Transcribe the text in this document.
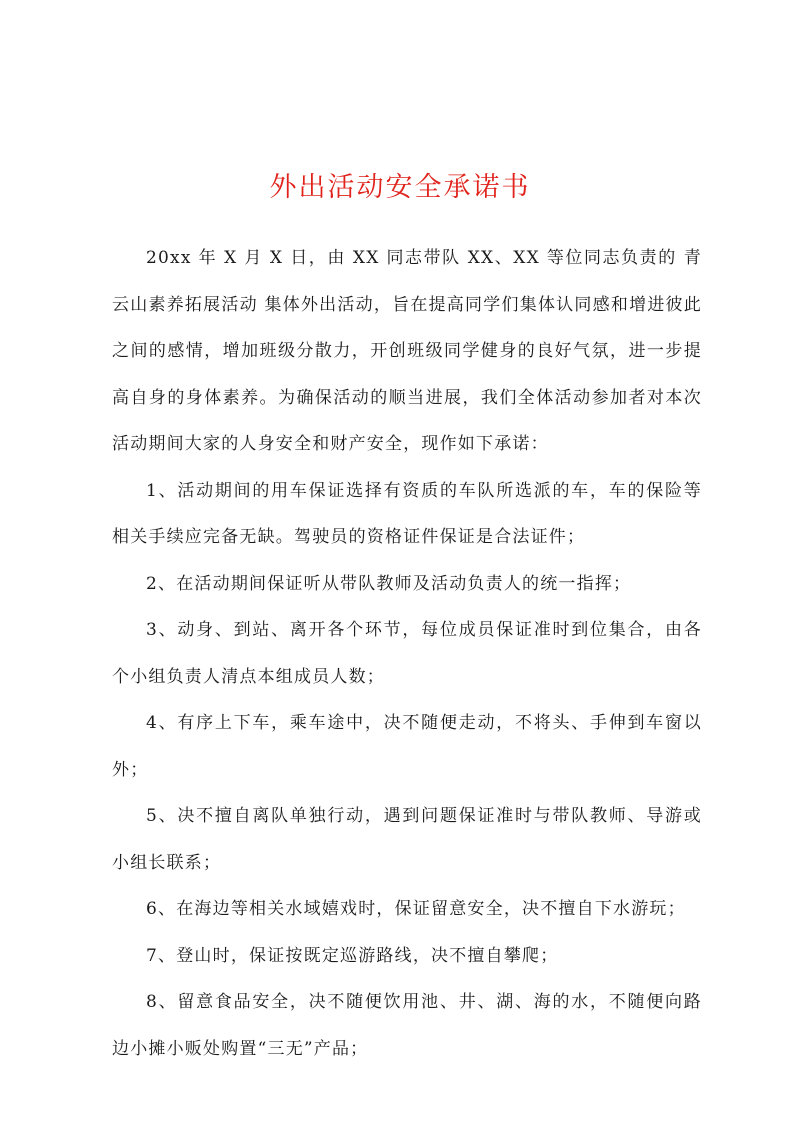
外出活动安全承诺书

20xx 年 X 月 X 日，由 XX 同志带队 XX、XX 等位同志负责的 青云山素养拓展活动 集体外出活动，旨在提高同学们集体认同感和增进彼此之间的感情，增加班级分散力，开创班级同学健身的良好气氛，进一步提高自身的身体素养。为确保活动的顺当进展，我们全体活动参加者对本次活动期间大家的人身安全和财产安全，现作如下承诺：

1、活动期间的用车保证选择有资质的车队所选派的车，车的保险等相关手续应完备无缺。驾驶员的资格证件保证是合法证件；

2、在活动期间保证听从带队教师及活动负责人的统一指挥；

3、动身、到站、离开各个环节，每位成员保证准时到位集合，由各个小组负责人清点本组成员人数；

4、有序上下车，乘车途中，决不随便走动，不将头、手伸到车窗以外；

5、决不擅自离队单独行动，遇到问题保证准时与带队教师、导游或小组长联系；

6、在海边等相关水域嬉戏时，保证留意安全，决不擅自下水游玩；

7、登山时，保证按既定巡游路线，决不擅自攀爬；

8、留意食品安全，决不随便饮用池、井、湖、海的水，不随便向路边小摊小贩处购置“三无”产品；
